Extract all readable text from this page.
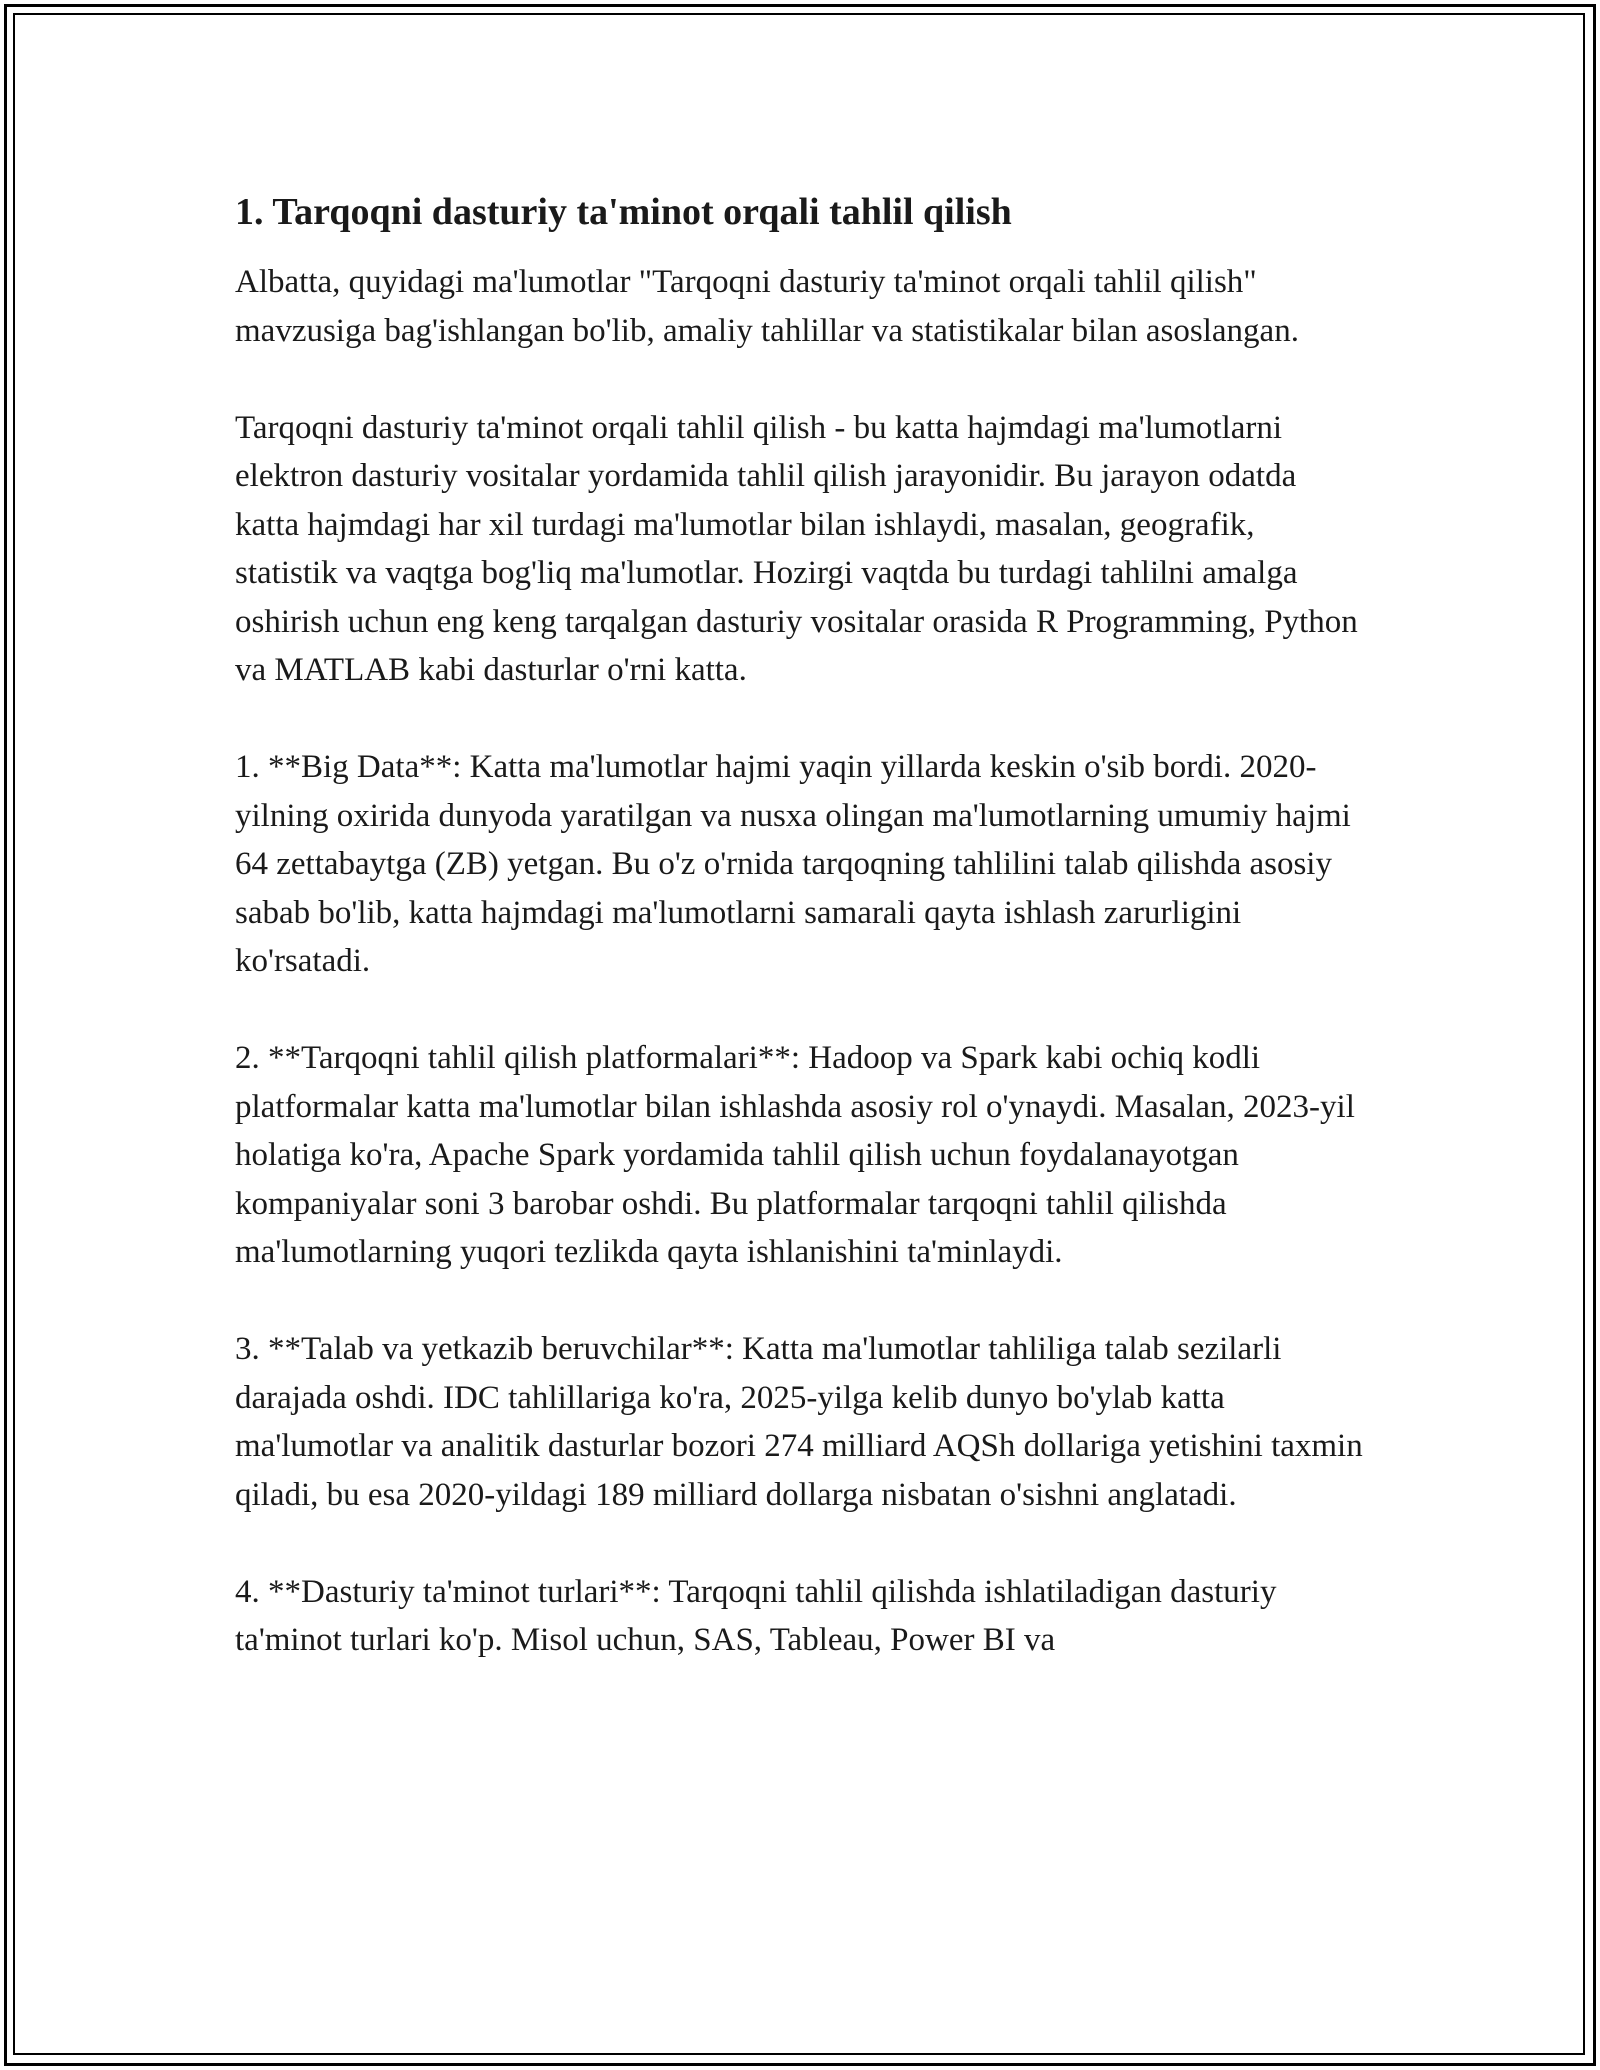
1. Tarqoqni dasturiy ta'minot orqali tahlil qilish

Albatta, quyidagi ma'lumotlar "Tarqoqni dasturiy ta'minot orqali tahlil qilish" mavzusiga bag'ishlangan bo'lib, amaliy tahlillar va statistikalar bilan asoslangan.

Tarqoqni dasturiy ta'minot orqali tahlil qilish - bu katta hajmdagi ma'lumotlarni elektron dasturiy vositalar yordamida tahlil qilish jarayonidir. Bu jarayon odatda katta hajmdagi har xil turdagi ma'lumotlar bilan ishlaydi, masalan, geografik, statistik va vaqtga bog'liq ma'lumotlar. Hozirgi vaqtda bu turdagi tahlilni amalga oshirish uchun eng keng tarqalgan dasturiy vositalar orasida R Programming, Python va MATLAB kabi dasturlar o'rni katta.

1. **Big Data**: Katta ma'lumotlar hajmi yaqin yillarda keskin o'sib bordi. 2020-yilning oxirida dunyoda yaratilgan va nusxa olingan ma'lumotlarning umumiy hajmi 64 zettabaytga (ZB) yetgan. Bu o'z o'rnida tarqoqning tahlilini talab qilishda asosiy sabab bo'lib, katta hajmdagi ma'lumotlarni samarali qayta ishlash zarurligini ko'rsatadi.

2. **Tarqoqni tahlil qilish platformalari**: Hadoop va Spark kabi ochiq kodli platformalar katta ma'lumotlar bilan ishlashda asosiy rol o'ynaydi. Masalan, 2023-yil holatiga ko'ra, Apache Spark yordamida tahlil qilish uchun foydalanayotgan kompaniyalar soni 3 barobar oshdi. Bu platformalar tarqoqni tahlil qilishda ma'lumotlarning yuqori tezlikda qayta ishlanishini ta'minlaydi.

3. **Talab va yetkazib beruvchilar**: Katta ma'lumotlar tahliliga talab sezilarli darajada oshdi. IDC tahlillariga ko'ra, 2025-yilga kelib dunyo bo'ylab katta ma'lumotlar va analitik dasturlar bozori 274 milliard AQSh dollariga yetishini taxmin qiladi, bu esa 2020-yildagi 189 milliard dollarga nisbatan o'sishni anglatadi.

4. **Dasturiy ta'minot turlari**: Tarqoqni tahlil qilishda ishlatiladigan dasturiy ta'minot turlari ko'p. Misol uchun, SAS, Tableau, Power BI va
